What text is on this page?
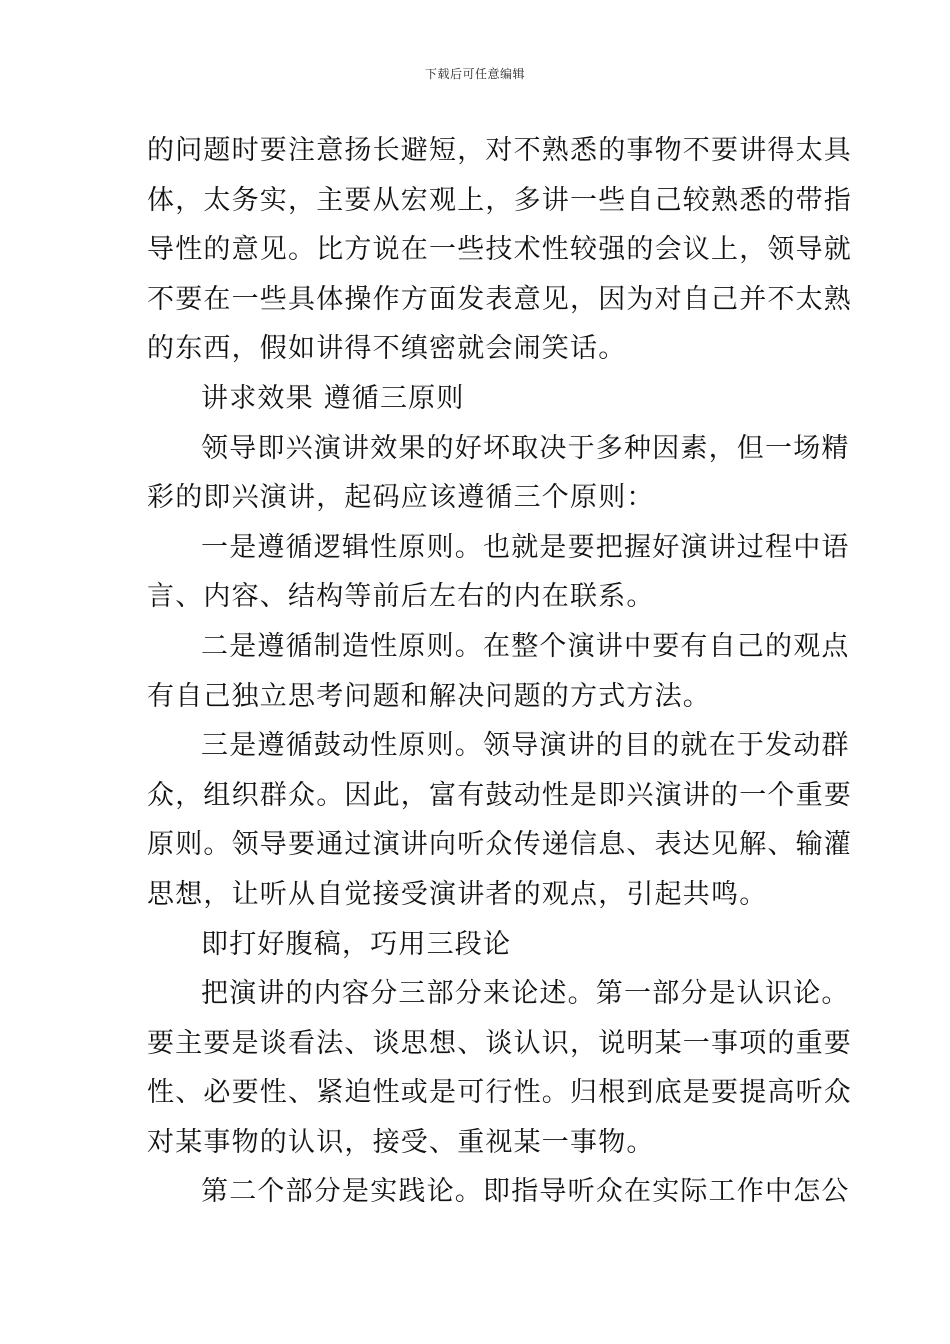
下载后可任意编辑

的问题时要注意扬长避短，对不熟悉的事物不要讲得太具
体，太务实，主要从宏观上，多讲一些自己较熟悉的带指
导性的意见。比方说在一些技术性较强的会议上，领导就
不要在一些具体操作方面发表意见，因为对自己并不太熟
的东西，假如讲得不缜密就会闹笑话。

讲求效果 遵循三原则

领导即兴演讲效果的好坏取决于多种因素，但一场精
彩的即兴演讲，起码应该遵循三个原则：

一是遵循逻辑性原则。也就是要把握好演讲过程中语
言、内容、结构等前后左右的内在联系。

二是遵循制造性原则。在整个演讲中要有自己的观点
有自己独立思考问题和解决问题的方式方法。

三是遵循鼓动性原则。领导演讲的目的就在于发动群
众，组织群众。因此，富有鼓动性是即兴演讲的一个重要
原则。领导要通过演讲向听众传递信息、表达见解、输灌
思想，让听从自觉接受演讲者的观点，引起共鸣。

即打好腹稿，巧用三段论

把演讲的内容分三部分来论述。第一部分是认识论。
要主要是谈看法、谈思想、谈认识，说明某一事项的重要
性、必要性、紧迫性或是可行性。归根到底是要提高听众
对某事物的认识，接受、重视某一事物。

第二个部分是实践论。即指导听众在实际工作中怎公
